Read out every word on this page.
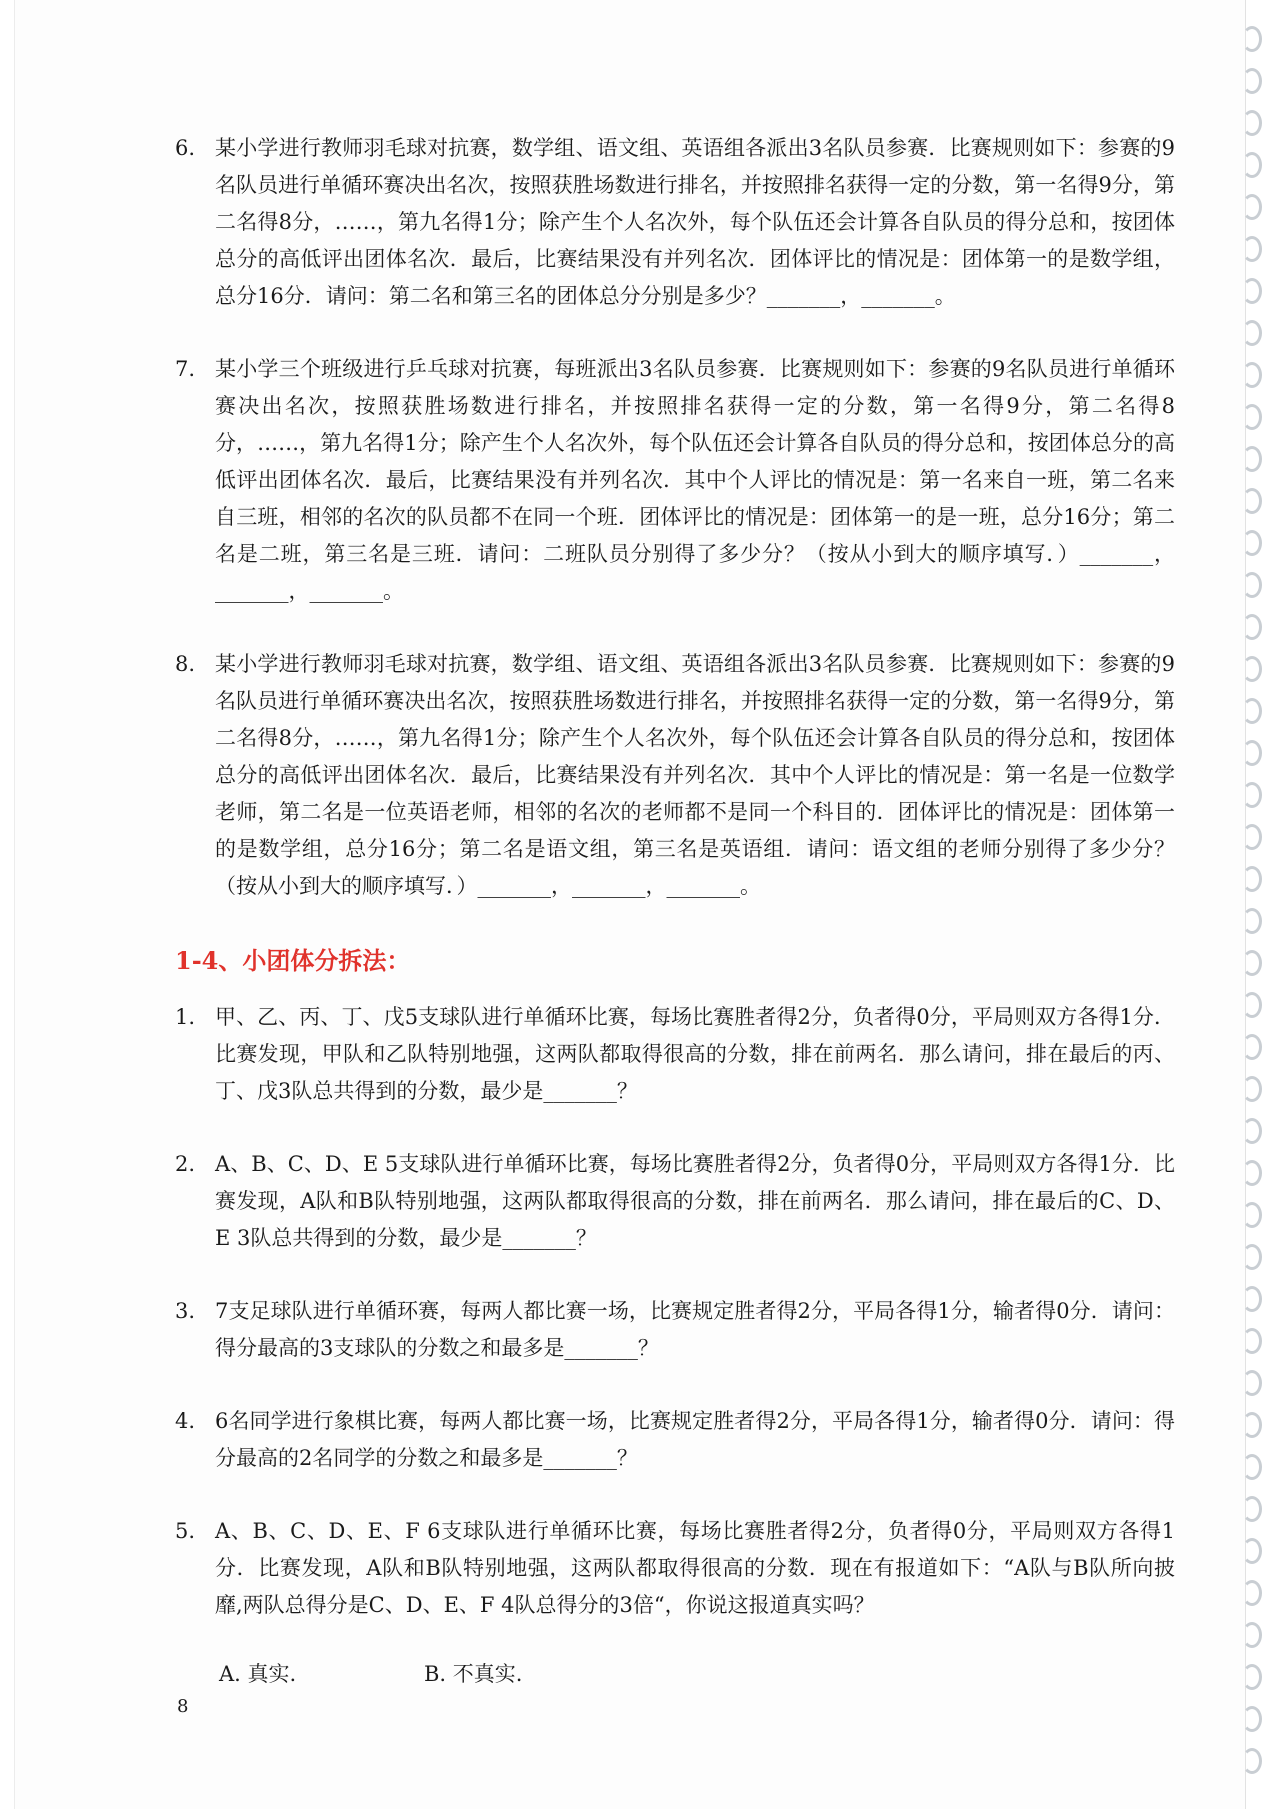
6. 某小学进行教师羽毛球对抗赛，数学组、语文组、英语组各派出3名队员参赛．比赛规则如下：参赛的9名队员进行单循环赛决出名次，按照获胜场数进行排名，并按照排名获得一定的分数，第一名得9分，第二名得8分，……，第九名得1分；除产生个人名次外，每个队伍还会计算各自队员的得分总和，按团体总分的高低评出团体名次．最后，比赛结果没有并列名次．团体评比的情况是：团体第一的是数学组，总分16分．请问：第二名和第三名的团体总分分别是多少？_______，_______。

7. 某小学三个班级进行乒乓球对抗赛，每班派出3名队员参赛．比赛规则如下：参赛的9名队员进行单循环赛决出名次，按照获胜场数进行排名，并按照排名获得一定的分数，第一名得9分，第二名得8分，……，第九名得1分；除产生个人名次外，每个队伍还会计算各自队员的得分总和，按团体总分的高低评出团体名次．最后，比赛结果没有并列名次．其中个人评比的情况是：第一名来自一班，第二名来自三班，相邻的名次的队员都不在同一个班．团体评比的情况是：团体第一的是一班，总分16分；第二名是二班，第三名是三班．请问：二班队员分别得了多少分？（按从小到大的顺序填写．）_______，_______，_______。

8. 某小学进行教师羽毛球对抗赛，数学组、语文组、英语组各派出3名队员参赛．比赛规则如下：参赛的9名队员进行单循环赛决出名次，按照获胜场数进行排名，并按照排名获得一定的分数，第一名得9分，第二名得8分，……，第九名得1分；除产生个人名次外，每个队伍还会计算各自队员的得分总和，按团体总分的高低评出团体名次．最后，比赛结果没有并列名次．其中个人评比的情况是：第一名是一位数学老师，第二名是一位英语老师，相邻的名次的老师都不是同一个科目的．团体评比的情况是：团体第一的是数学组，总分16分；第二名是语文组，第三名是英语组．请问：语文组的老师分别得了多少分？（按从小到大的顺序填写．）_______，_______，_______。

1-4、小团体分拆法：
1. 甲、乙、丙、丁、戊5支球队进行单循环比赛，每场比赛胜者得2分，负者得0分，平局则双方各得1分．比赛发现，甲队和乙队特别地强，这两队都取得很高的分数，排在前两名．那么请问，排在最后的丙、丁、戊3队总共得到的分数，最少是_______？

2. A、B、C、D、E 5支球队进行单循环比赛，每场比赛胜者得2分，负者得0分，平局则双方各得1分．比赛发现，A队和B队特别地强，这两队都取得很高的分数，排在前两名．那么请问，排在最后的C、D、E 3队总共得到的分数，最少是_______？

3. 7支足球队进行单循环赛，每两人都比赛一场，比赛规定胜者得2分，平局各得1分，输者得0分．请问：得分最高的3支球队的分数之和最多是_______？

4. 6名同学进行象棋比赛，每两人都比赛一场，比赛规定胜者得2分，平局各得1分，输者得0分．请问：得分最高的2名同学的分数之和最多是_______？

5. A、B、C、D、E、F 6支球队进行单循环比赛，每场比赛胜者得2分，负者得0分，平局则双方各得1分．比赛发现，A队和B队特别地强，这两队都取得很高的分数．现在有报道如下：“A队与B队所向披靡,两队总得分是C、D、E、F 4队总得分的3倍“，你说这报道真实吗？

A. 真实.	B. 不真实.
8
